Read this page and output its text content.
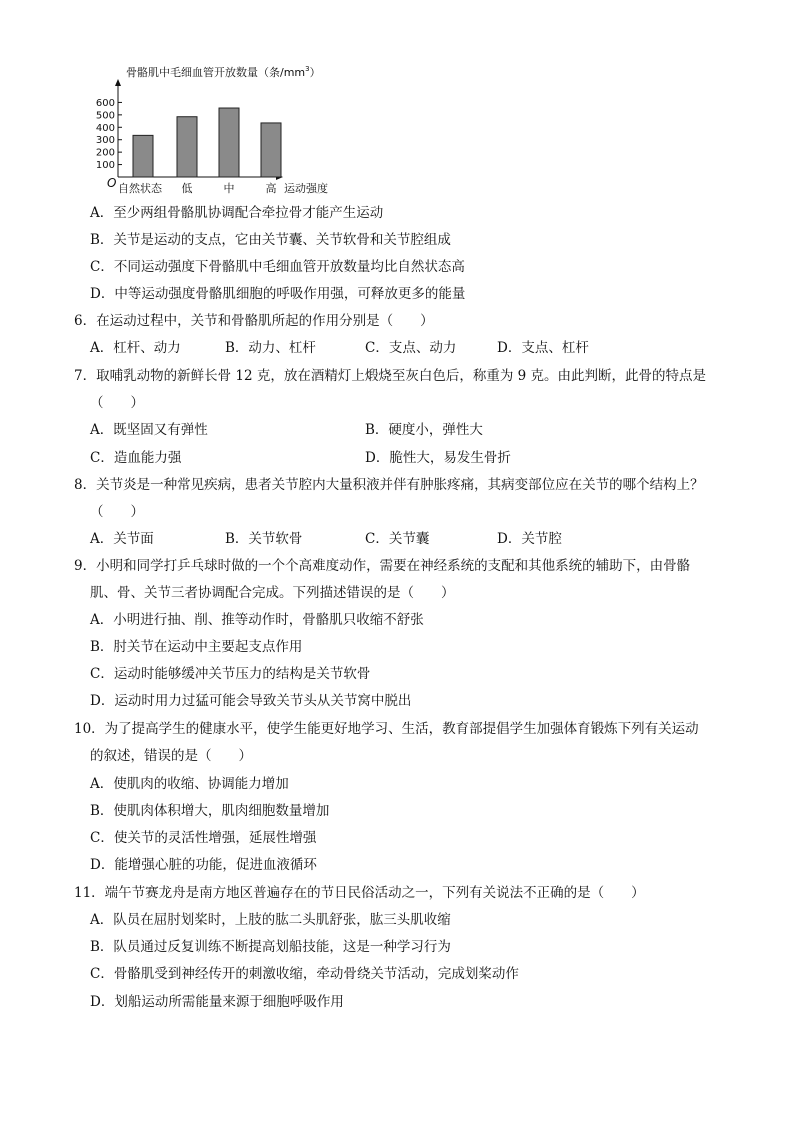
骨骼肌中毛细血管开放数量（条$/mm^3$）
600
500
400
300
200
100
自然状态 低	中	高
O	运动强度
A．至少两组骨骼肌协调配合牵拉骨才能产生运动
B．关节是运动的支点，它由关节囊、关节软骨和关节腔组成
C．不同运动强度下骨骼肌中毛细血管开放数量均比自然状态高
D．中等运动强度骨骼肌细胞的呼吸作用强，可释放更多的能量
6．在运动过程中，关节和骨骼肌所起的作用分别是（　　）
A．杠杆、动力	B．动力、杠杆	C．支点、动力	D．支点、杠杆
7．取哺乳动物的新鲜长骨 12 克，放在酒精灯上煅烧至灰白色后，称重为 9 克。由此判断，此骨的特点是
（　　）
A．既坚固又有弹性	B．硬度小，弹性大
C．造血能力强	D．脆性大，易发生骨折
8．关节炎是一种常见疾病，患者关节腔内大量积液并伴有肿胀疼痛，其病变部位应在关节的哪个结构上？
（　　）
A．关节面	B．关节软骨	C．关节囊	D．关节腔
9．小明和同学打乒乓球时做的一个个高难度动作，需要在神经系统的支配和其他系统的辅助下，由骨骼
肌、骨、关节三者协调配合完成。下列描述错误的是（　　）
A．小明进行抽、削、推等动作时，骨骼肌只收缩不舒张
B．肘关节在运动中主要起支点作用
C．运动时能够缓冲关节压力的结构是关节软骨
D．运动时用力过猛可能会导致关节头从关节窝中脱出
10．为了提高学生的健康水平，使学生能更好地学习、生活，教育部提倡学生加强体育锻炼下列有关运动
的叙述，错误的是（　　）
A．使肌肉的收缩、协调能力增加
B．使肌肉体积增大，肌肉细胞数量增加
C．使关节的灵活性增强，延展性增强
D．能增强心脏的功能，促进血液循环
11．端午节赛龙舟是南方地区普遍存在的节日民俗活动之一，下列有关说法不正确的是（　　）
A．队员在屈肘划桨时，上肢的肱二头肌舒张，肱三头肌收缩
B．队员通过反复训练不断提高划船技能，这是一种学习行为
C．骨骼肌受到神经传开的刺激收缩，牵动骨绕关节活动，完成划桨动作
D．划船运动所需能量来源于细胞呼吸作用
